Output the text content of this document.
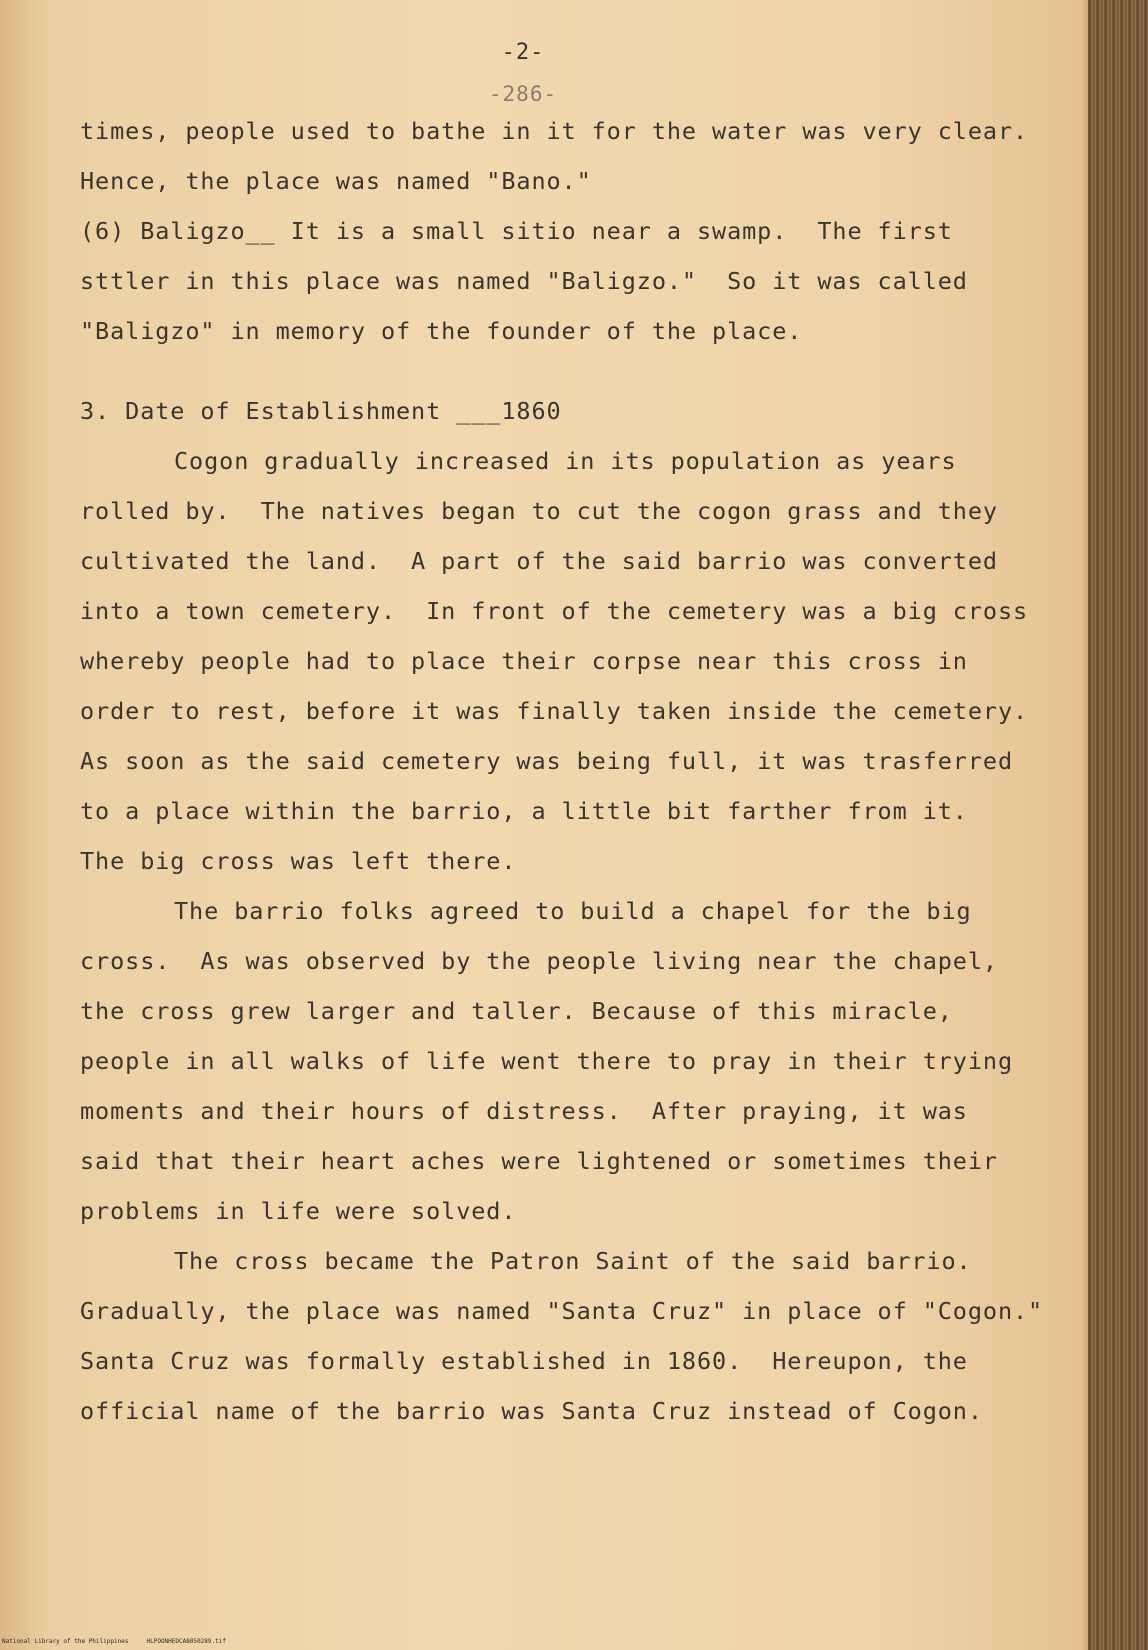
-2-
-286-
times, people used to bathe in it for the water was very clear.
Hence, the place was named "Bano."
(6) Baligzo__ It is a small sitio near a swamp.  The first
sttler in this place was named "Baligzo."  So it was called
"Baligzo" in memory of the founder of the place.
3. Date of Establishment ___1860
Cogon gradually increased in its population as years
rolled by.  The natives began to cut the cogon grass and they
cultivated the land.  A part of the said barrio was converted
into a town cemetery.  In front of the cemetery was a big cross
whereby people had to place their corpse near this cross in
order to rest, before it was finally taken inside the cemetery.
As soon as the said cemetery was being full, it was trasferred
to a place within the barrio, a little bit farther from it.
The big cross was left there.
The barrio folks agreed to build a chapel for the big
cross.  As was observed by the people living near the chapel,
the cross grew larger and taller. Because of this miracle,
people in all walks of life went there to pray in their trying
moments and their hours of distress.  After praying, it was
said that their heart aches were lightened or sometimes their
problems in life were solved.
The cross became the Patron Saint of the said barrio.
Gradually, the place was named "Santa Cruz" in place of "Cogon."
Santa Cruz was formally established in 1860.  Hereupon, the
official name of the barrio was Santa Cruz instead of Cogon.
National Library of the Philippines     HLPOONHEDCAB050289.tif
